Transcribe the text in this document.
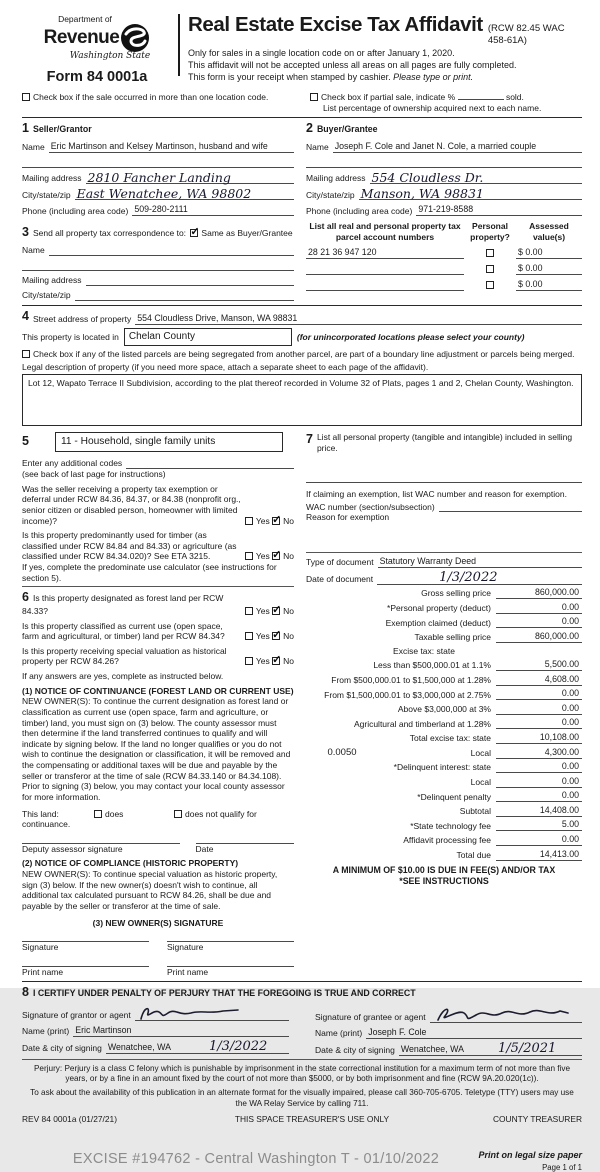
Department of
Revenue
Washington State
Form 84 0001a
Real Estate Excise Tax Affidavit (RCW 82.45 WAC 458-61A)
Only for sales in a single location code on or after January 1, 2020.
This affidavit will not be accepted unless all areas on all pages are fully completed.
This form is your receipt when stamped by cashier. Please type or print.
Check box if the sale occurred in more than one location code.	Check box if partial sale, indicate %	sold.
List percentage of ownership acquired next to each name.
1 Seller/Grantor
Name Eric Martinson and Kelsey Martinson, husband and wife
Mailing address 2810 Fancher Landing
City/state/zip East Wenatchee, WA 98802
Phone (including area code) 509-280-2111
3 Send all property tax correspondence to: ✓ Same as Buyer/Grantee
Name
Mailing address
City/state/zip
2 Buyer/Grantee
Name Joseph F. Cole and Janet N. Cole, a married couple
Mailing address 554 Cloudless Dr.
City/state/zip Manson, WA 98831
Phone (including area code) 971-219-8588
List all real and personal property tax parcel account numbers
Personal property?
Assessed value(s)
28 21 36 947 120	$ 0.00
$ 0.00
$ 0.00
4 Street address of property 554 Cloudless Drive, Manson, WA 98831
This property is located in	Chelan County	(for unincorporated locations please select your county)
Check box if any of the listed parcels are being segregated from another parcel, are part of a boundary line adjustment or parcels being merged.
Legal description of property (if you need more space, attach a separate sheet to each page of the affidavit).
Lot 12, Wapato Terrace II Subdivision, according to the plat thereof recorded in Volume 32 of Plats, pages 1 and 2, Chelan County, Washington.
5	11 - Household, single family units
Enter any additional codes
(see back of last page for instructions)
Was the seller receiving a property tax exemption or deferral under RCW 84.36, 84.37, or 84.38 (nonprofit org., senior citizen or disabled person, homeowner with limited income)?	Yes ✓ No
Is this property predominantly used for timber (as classified under RCW 84.84 and 84.33) or agriculture (as classified under RCW 84.34.020)? See ETA 3215.	Yes ✓ No
If yes, complete the predominate use calculator (see instructions for section 5).
6 Is this property designated as forest land per RCW 84.33?	Yes ✓ No
Is this property classified as current use (open space, farm and agricultural, or timber) land per RCW 84.34?	Yes ✓ No
Is this property receiving special valuation as historical property per RCW 84.26?	Yes ✓ No
If any answers are yes, complete as instructed below.
(1) NOTICE OF CONTINUANCE (FOREST LAND OR CURRENT USE)
NEW OWNER(S): To continue the current designation as forest land or classification as current use (open space, farm and agriculture, or timber) land, you must sign on (3) below. The county assessor must then determine if the land transferred continues to qualify and will indicate by signing below. If the land no longer qualifies or you do not wish to continue the designation or classification, it will be removed and the compensating or additional taxes will be due and payable by the seller or transferor at the time of sale (RCW 84.33.140 or 84.34.108). Prior to signing (3) below, you may contact your local county assessor for more information.
This land:	does	does not qualify for
continuance.
Deputy assessor signature	Date
(2) NOTICE OF COMPLIANCE (HISTORIC PROPERTY)
NEW OWNER(S): To continue special valuation as historic property, sign (3) below. If the new owner(s) doesn't wish to continue, all additional tax calculated pursuant to RCW 84.26, shall be due and payable by the seller or transferor at the time of sale.
(3) NEW OWNER(S) SIGNATURE
Signature	Signature
Print name	Print name
7 List all personal property (tangible and intangible) included in selling price.
If claiming an exemption, list WAC number and reason for exemption.
WAC number (section/subsection)
Reason for exemption
Type of document Statutory Warranty Deed
Date of document	1/3/2022
Gross selling price	860,000.00
*Personal property (deduct)	0.00
Exemption claimed (deduct)	0.00
Taxable selling price	860,000.00
Excise tax: state
Less than $500,000.01 at 1.1%	5,500.00
From $500,000.01 to $1,500,000 at 1.28%	4,608.00
From $1,500,000.01 to $3,000,000 at 2.75%	0.00
Above $3,000,000 at 3%	0.00
Agricultural and timberland at 1.28%	0.00
Total excise tax: state	10,108.00
0.0050	Local	4,300.00
*Delinquent interest: state	0.00
Local	0.00
*Delinquent penalty	0.00
Subtotal	14,408.00
*State technology fee	5.00
Affidavit processing fee	0.00
Total due	14,413.00
A MINIMUM OF $10.00 IS DUE IN FEE(S) AND/OR TAX
*SEE INSTRUCTIONS
8 I CERTIFY UNDER PENALTY OF PERJURY THAT THE FOREGOING IS TRUE AND CORRECT
Signature of grantor or agent
Name (print) Eric Martinson
Date & city of signing Wenatchee, WA	1/3/2022
Signature of grantee or agent
Name (print) Joseph F. Cole
Date & city of signing Wenatchee, WA	1/5/2021
Perjury: Perjury is a class C felony which is punishable by imprisonment in the state correctional institution for a maximum term of not more than five years, or by a fine in an amount fixed by the court of not more than $5000, or by both imprisonment and fine (RCW 9A.20.020(1c)).
To ask about the availability of this publication in an alternate format for the visually impaired, please call 360-705-6705. Teletype (TTY) users may use the WA Relay Service by calling 711.
REV 84 0001a (01/27/21)	THIS SPACE TREASURER'S USE ONLY	COUNTY TREASURER
EXCISE #194762 - Central Washington T - 01/10/2022	Print on legal size paper
Page 1 of 1
